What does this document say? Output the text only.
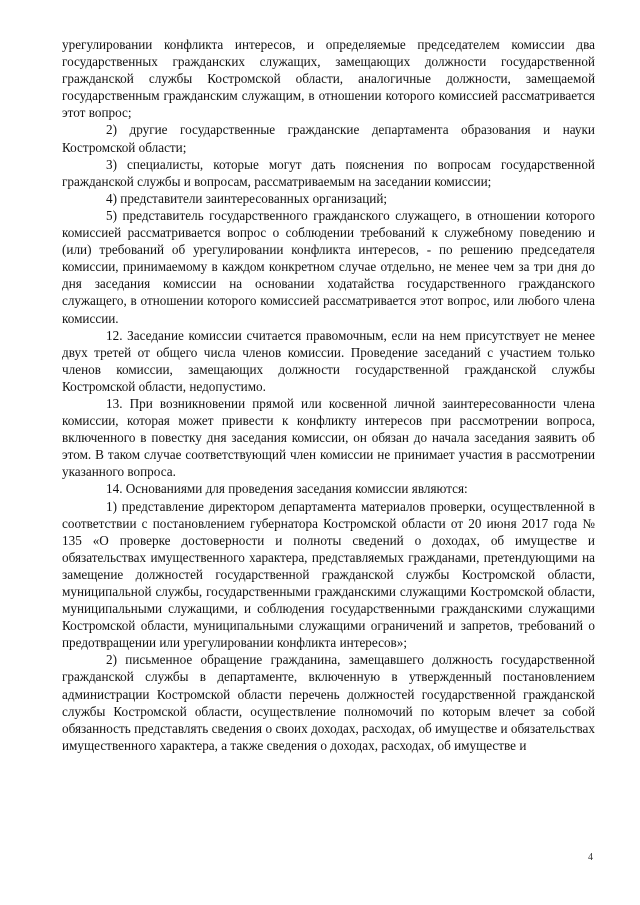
урегулировании конфликта интересов, и определяемые председателем комиссии два государственных гражданских служащих, замещающих должности государственной гражданской службы Костромской области, аналогичные должности, замещаемой государственным гражданским служащим, в отношении которого комиссией рассматривается этот вопрос;

2) другие государственные гражданские департамента образования и науки Костромской области;

3) специалисты, которые могут дать пояснения по вопросам государственной гражданской службы и вопросам, рассматриваемым на заседании комиссии;

4) представители заинтересованных организаций;

5) представитель государственного гражданского служащего, в отношении которого комиссией рассматривается вопрос о соблюдении требований к служебному поведению и (или) требований об урегулировании конфликта интересов, - по решению председателя комиссии, принимаемому в каждом конкретном случае отдельно, не менее чем за три дня до дня заседания комиссии на основании ходатайства государственного гражданского служащего, в отношении которого комиссией рассматривается этот вопрос, или любого члена комиссии.

12. Заседание комиссии считается правомочным, если на нем присутствует не менее двух третей от общего числа членов комиссии. Проведение заседаний с участием только членов комиссии, замещающих должности государственной гражданской службы Костромской области, недопустимо.

13. При возникновении прямой или косвенной личной заинтересованности члена комиссии, которая может привести к конфликту интересов при рассмотрении вопроса, включенного в повестку дня заседания комиссии, он обязан до начала заседания заявить об этом. В таком случае соответствующий член комиссии не принимает участия в рассмотрении указанного вопроса.

14. Основаниями для проведения заседания комиссии являются:

1) представление директором департамента материалов проверки, осуществленной в соответствии с постановлением губернатора Костромской области от 20 июня 2017 года № 135 «О проверке достоверности и полноты сведений о доходах, об имуществе и обязательствах имущественного характера, представляемых гражданами, претендующими на замещение должностей государственной гражданской службы Костромской области, муниципальной службы, государственными гражданскими служащими Костромской области, муниципальными служащими, и соблюдения государственными гражданскими служащими Костромской области, муниципальными служащими ограничений и запретов, требований о предотвращении или урегулировании конфликта интересов»;

2) письменное обращение гражданина, замещавшего должность государственной гражданской службы в департаменте, включенную в утвержденный постановлением администрации Костромской области перечень должностей государственной гражданской службы Костромской области, осуществление полномочий по которым влечет за собой обязанность представлять сведения о своих доходах, расходах, об имуществе и обязательствах имущественного характера, а также сведения о доходах, расходах, об имуществе и

4
